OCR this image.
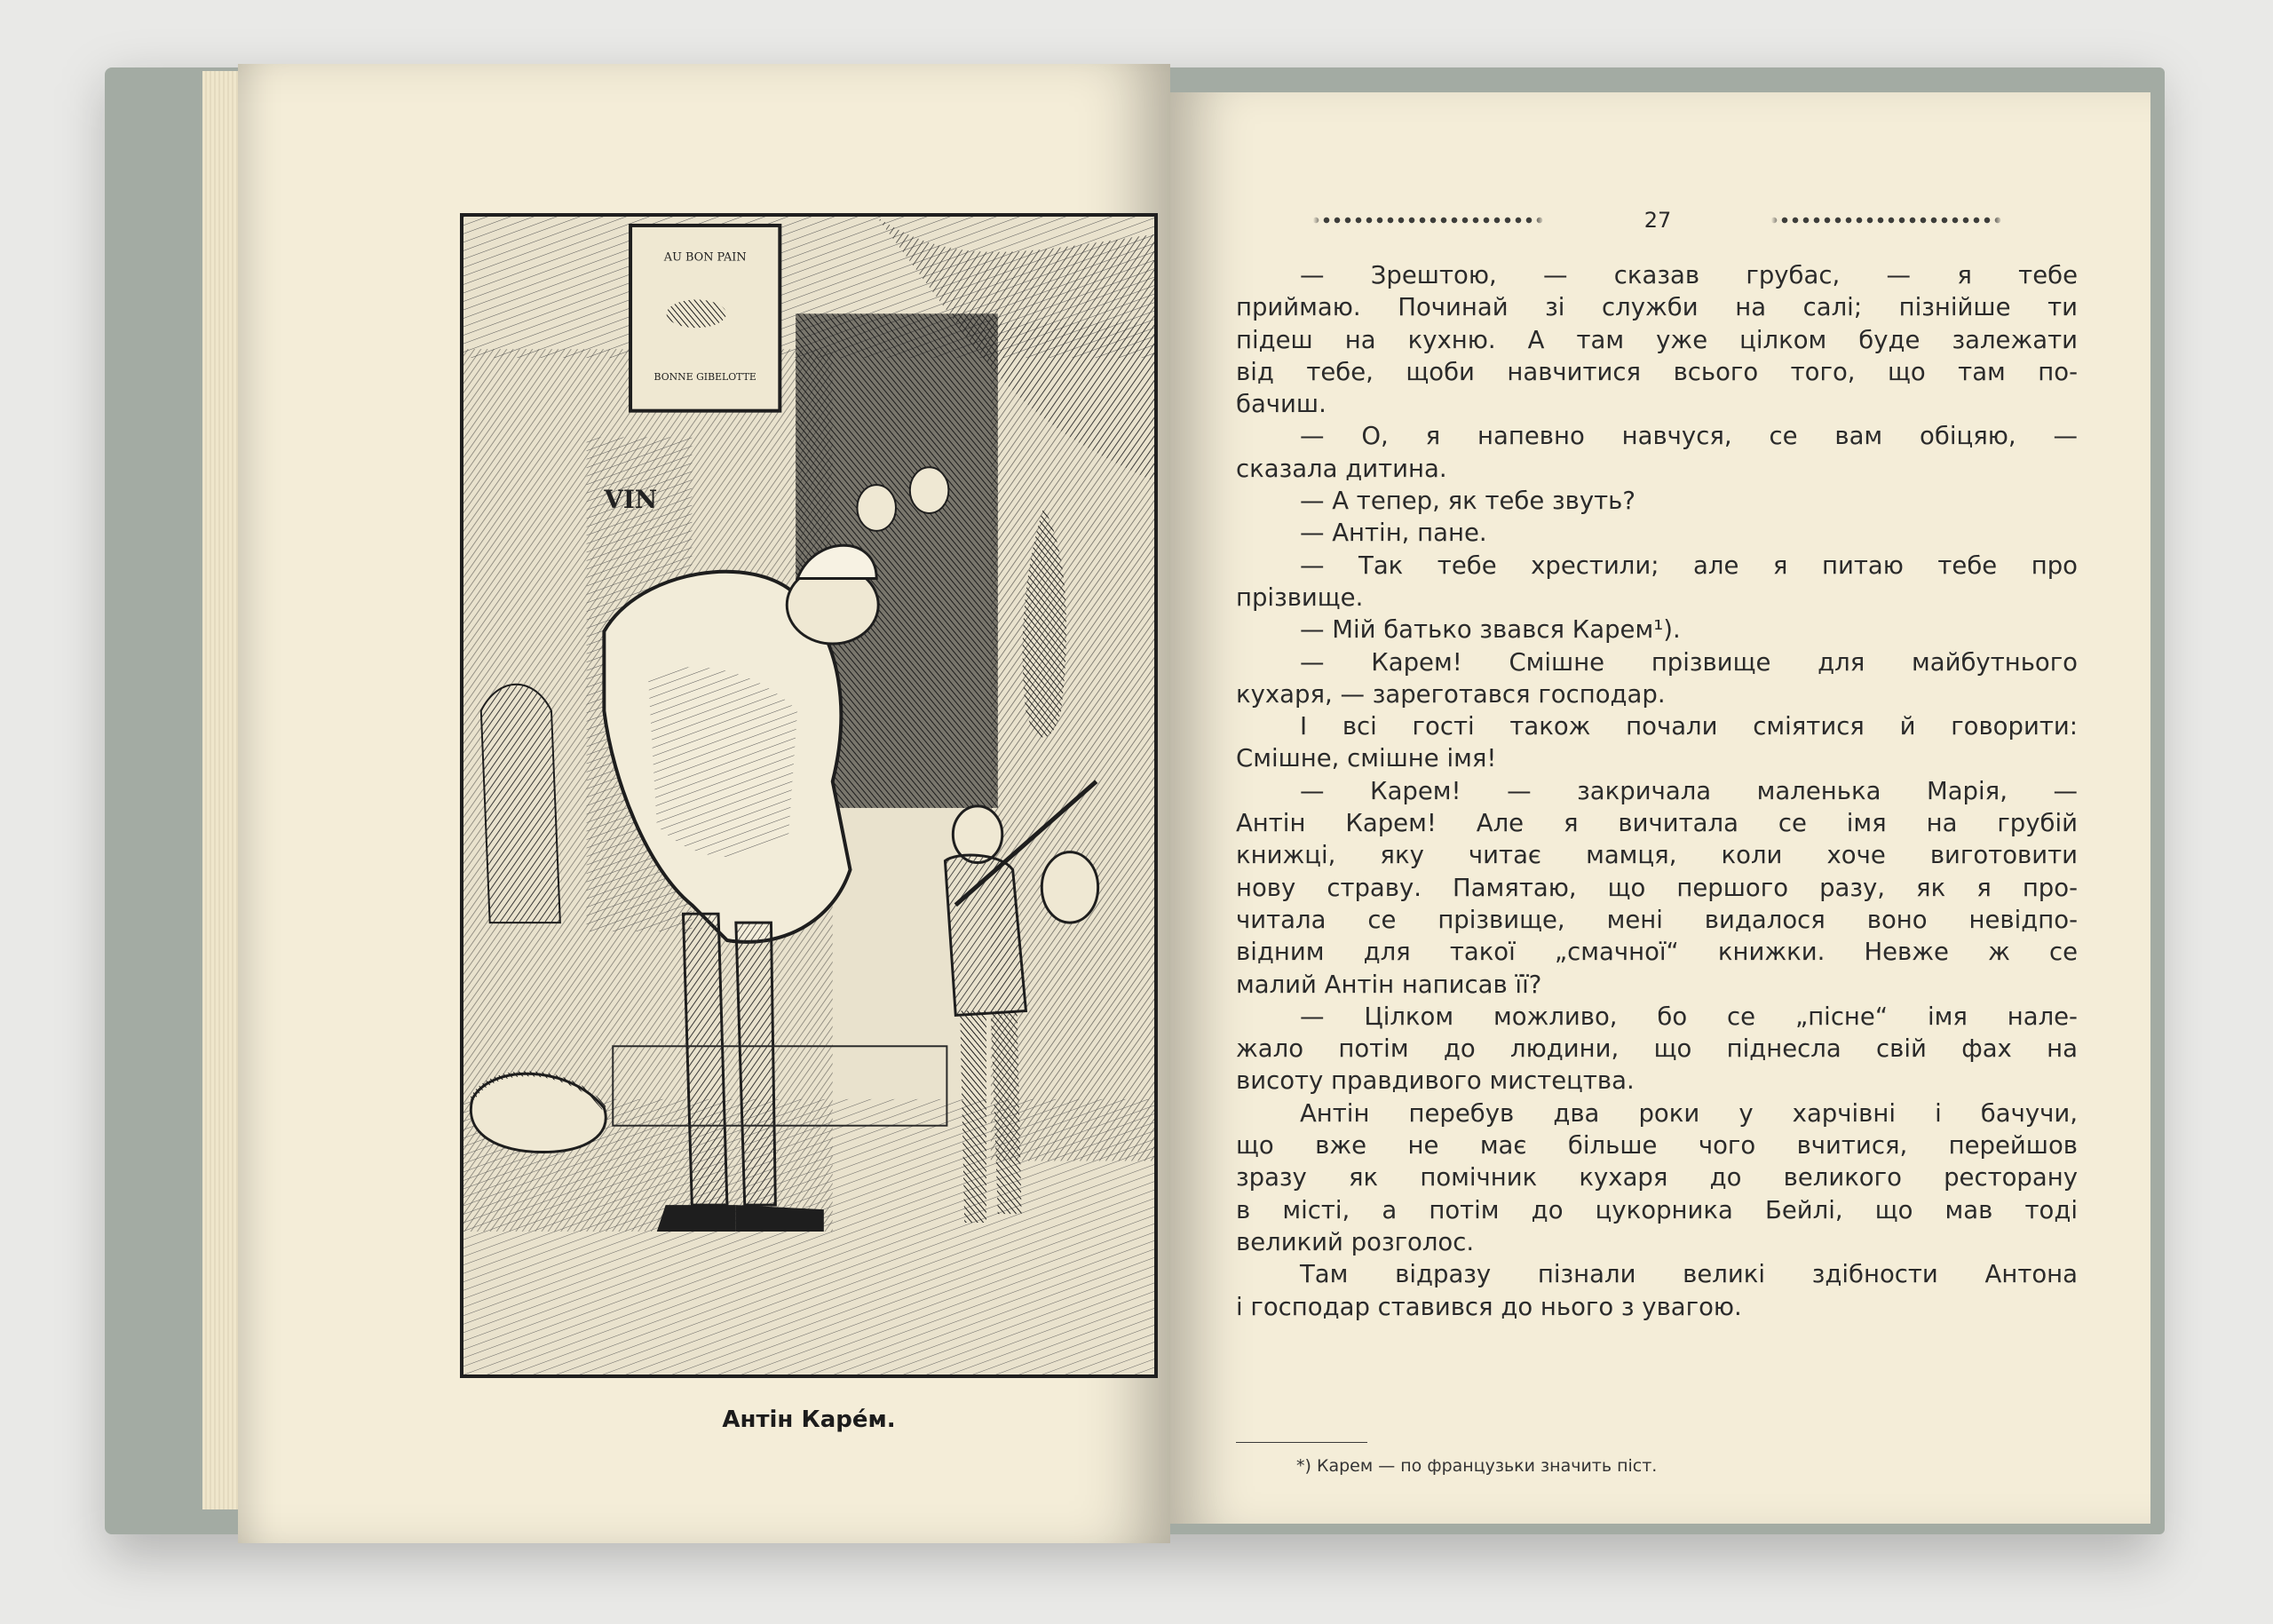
AU BON PAIN
BONNE GIBELOTTE
VIN
Антін Каре́м.
27
— Зрештою, — сказав грубас, — я тебе
приймаю. Починай зі служби на салі; пізнійше ти
підеш на кухню. А там уже цілком буде залежати
від тебе, щоби навчитися всього того, що там по-
бачиш.
— О, я напевно навчуся, се вам обіцяю, —
сказала дитина.
— А тепер, як тебе звуть?
— Антін, пане.
— Так тебе хрестили; але я питаю тебе про
прізвище.
— Мій батько звався Карем¹).
— Карем! Смішне прізвище для майбутнього
кухаря, — зареготався господар.
І всі гості також почали сміятися й говорити:
Смішне, смішне імя!
— Карем! — закричала маленька Марія, —
Антін Карем! Але я вичитала се імя на грубій
книжці, яку читає мамця, коли хоче виготовити
нову страву. Памятаю, що першого разу, як я про-
читала се прізвище, мені видалося воно невідпо-
відним для такої „смачної“ книжки. Невже ж се
малий Антін написав її?
— Цілком можливо, бо се „пісне“ імя нале-
жало потім до людини, що піднесла свій фах на
висоту правдивого мистецтва.
Антін перебув два роки у харчівні і бачучи,
що вже не має більше чого вчитися, перейшов
зразу як помічник кухаря до великого ресторану
в місті, а потім до цукорника Бейлі, що мав тоді
великий розголос.
Там відразу пізнали великі здібности Антона
і господар ставився до нього з увагою.
*) Карем — по французьки значить піст.
